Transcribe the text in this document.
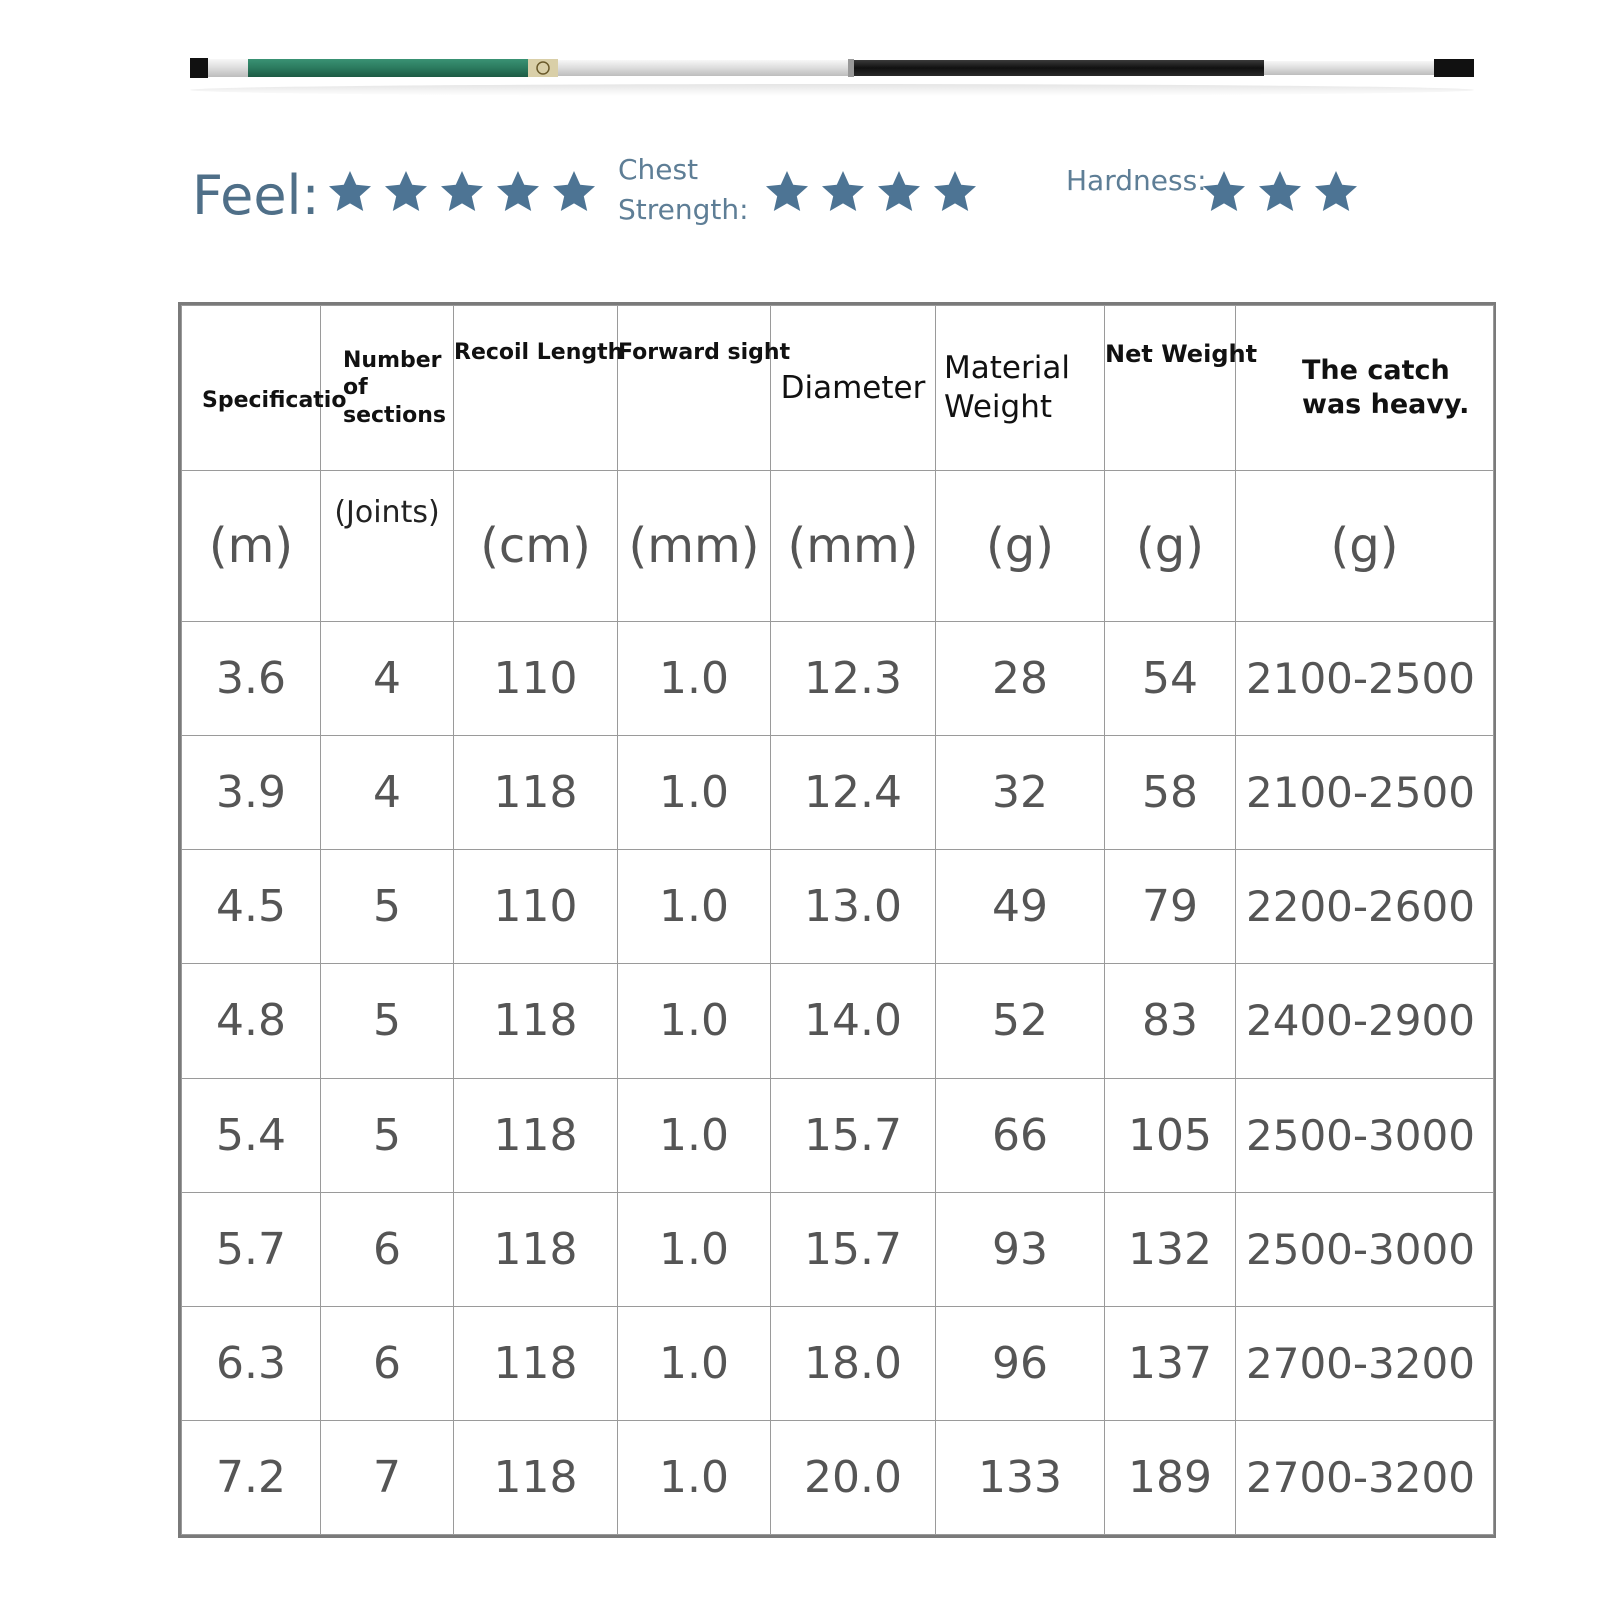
Feel:	Chest
Strength:
Hardness:
Specificatio	Number of sections	Recoil Length	Forward sight	Diameter	Material Weight	Net Weight	The catch was heavy.
(m)	(Joints)	(cm)	(mm)	(mm)	(g)	(g)	(g)
3.6	4	110	1.0	12.3	28	54	2100-2500
3.9	4	118	1.0	12.4	32	58	2100-2500
4.5	5	110	1.0	13.0	49	79	2200-2600
4.8	5	118	1.0	14.0	52	83	2400-2900
5.4	5	118	1.0	15.7	66	105	2500-3000
5.7	6	118	1.0	15.7	93	132	2500-3000
6.3	6	118	1.0	18.0	96	137	2700-3200
7.2	7	118	1.0	20.0	133	189	2700-3200
